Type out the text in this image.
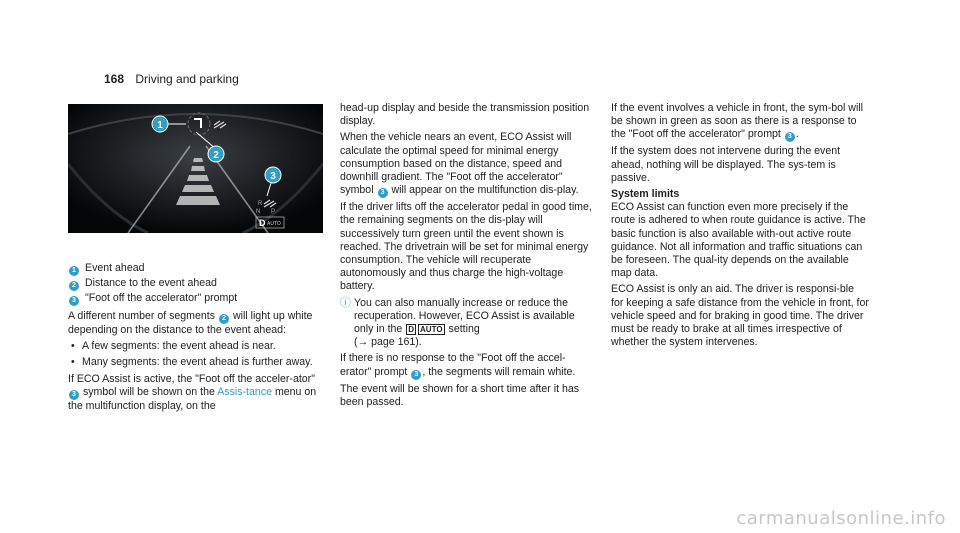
168 Driving and parking
R
N P
D AUTO
1
2
3
1 Event ahead
2 Distance to the event ahead
3 "Foot off the accelerator" prompt

A different number of segments 2 will light up white depending on the distance to the event ahead:

• A few segments: the event ahead is near.
• Many segments: the event ahead is further away.

If ECO Assist is active, the "Foot off the acceler-ator" 3 symbol will be shown on the Assis-tance menu on the multifunction display, on the

head-up display and beside the transmission position display.

When the vehicle nears an event, ECO Assist will calculate the optimal speed for minimal energy consumption based on the distance, speed and downhill gradient. The "Foot off the accelerator" symbol 3 will appear on the multifunction dis-play.

If the driver lifts off the accelerator pedal in good time, the remaining segments on the dis-play will successively turn green until the event shown is reached. The drivetrain will be set for minimal energy consumption. The vehicle will recuperate autonomously and thus charge the high-voltage battery.

ⓘ You can also manually increase or reduce the recuperation. However, ECO Assist is available only in the D AUTO setting
(→ page 161).

If there is no response to the "Foot off the accel-erator" prompt 3 , the segments will remain white.

The event will be shown for a short time after it has been passed.

If the event involves a vehicle in front, the sym-bol will be shown in green as soon as there is a response to the "Foot off the accelerator" prompt 3 .

If the system does not intervene during the event ahead, nothing will be displayed. The sys-tem is passive.

System limits

ECO Assist can function even more precisely if the route is adhered to when route guidance is active. The basic function is also available with-out active route guidance. Not all information and traffic situations can be foreseen. The qual-ity depends on the available map data.

ECO Assist is only an aid. The driver is responsi-ble for keeping a safe distance from the vehicle in front, for vehicle speed and for braking in good time. The driver must be ready to brake at all times irrespective of whether the system intervenes.

carmanualsonline.info
